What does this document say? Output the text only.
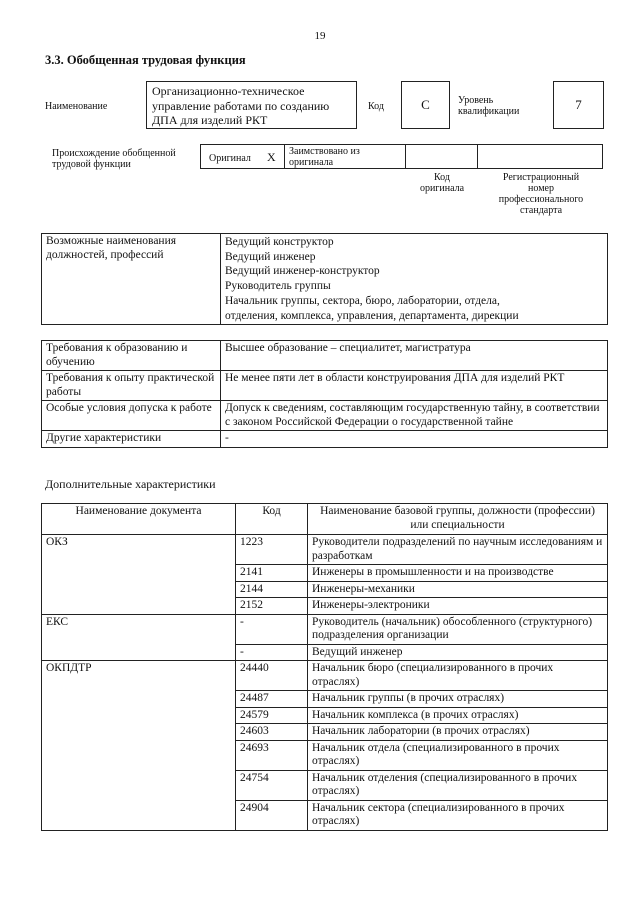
19
3.3. Обобщенная трудовая функция
Наименование
Организационно-техническое
управление работами по созданию
ДПА для изделий РКТ
Код	C	Уровень
квалификации	7
Происхождение обобщенной
трудовой функции
Оригинал X Заимствовано из
оригинала
Код
оригинала
Регистрационный
номер
профессионального
стандарта
Возможные наименования
должностей, профессий

Ведущий конструктор
Ведущий инженер
Ведущий инженер-конструктор
Руководитель группы
Начальник группы, сектора, бюро, лаборатории, отдела,
отделения, комплекса, управления, департамента, дирекции
Требования к образованию и обучению	Высшее образование – специалитет, магистратура
Требования к опыту практической работы	Не менее пяти лет в области конструирования ДПА для изделий РКТ
Особые условия допуска к работе	Допуск к сведениям, составляющим государственную тайну, в соответствии с законом Российской Федерации о государственной тайне
Другие характеристики	-
Дополнительные характеристики
Наименование документа	Код	Наименование базовой группы, должности (профессии) или специальности
ОКЗ	1223	Руководители подразделений по научным исследованиям и разработкам
	2141	Инженеры в промышленности и на производстве
	2144	Инженеры-механики
	2152	Инженеры-электроники
ЕКС	-	Руководитель (начальник) обособленного (структурного) подразделения организации
	-	Ведущий инженер
ОКПДТР	24440	Начальник бюро (специализированного в прочих отраслях)
	24487	Начальник группы (в прочих отраслях)
	24579	Начальник комплекса (в прочих отраслях)
	24603	Начальник лаборатории (в прочих отраслях)
	24693	Начальник отдела (специализированного в прочих отраслях)
	24754	Начальник отделения (специализированного в прочих отраслях)
	24904	Начальник сектора (специализированного в прочих отраслях)
